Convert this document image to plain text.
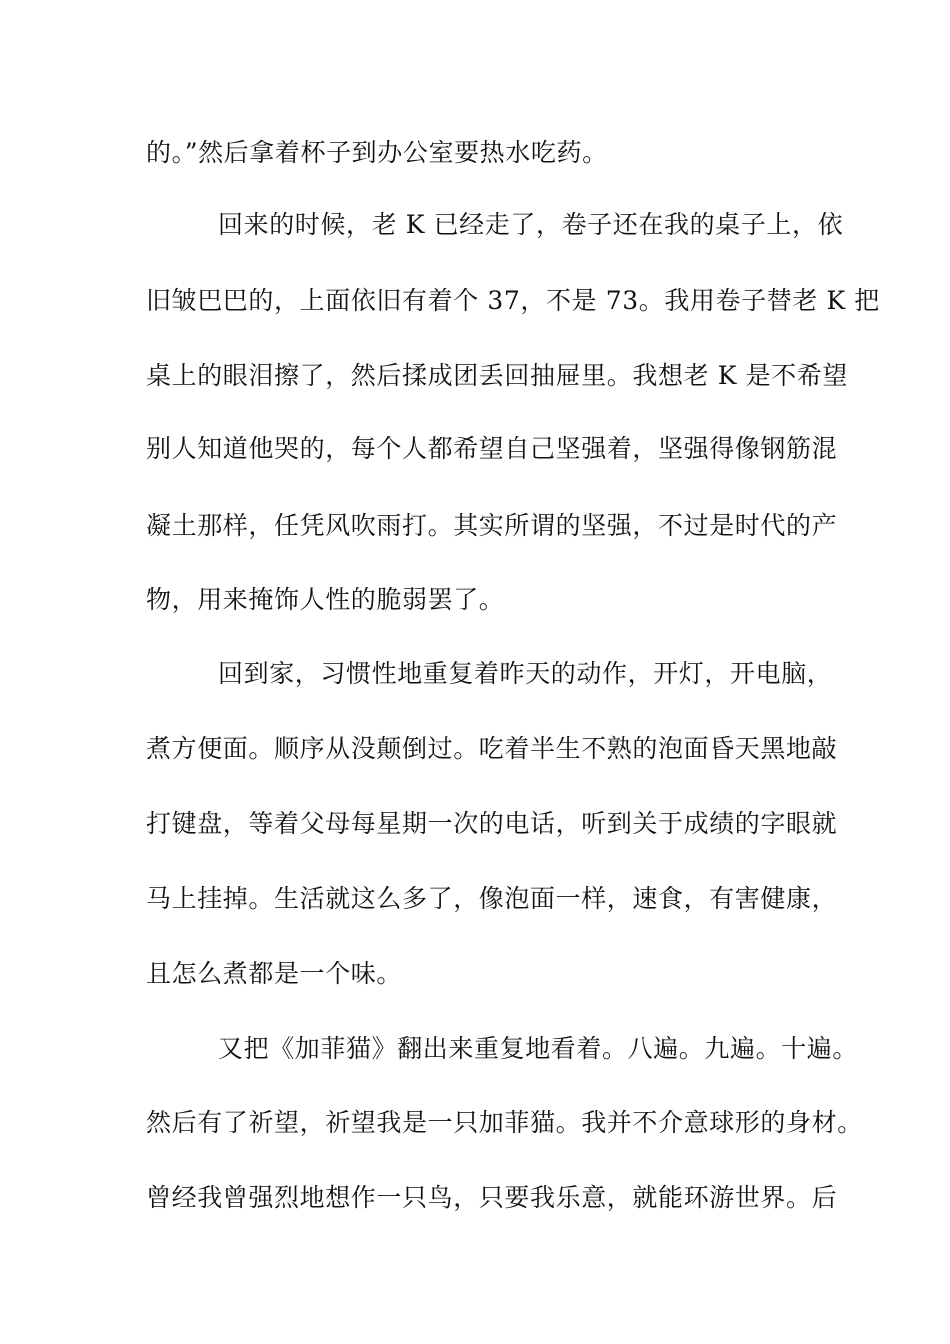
的。”然后拿着杯子到办公室要热水吃药。
回来的时候，老 K 已经走了，卷子还在我的桌子上，依
旧皱巴巴的，上面依旧有着个 37，不是 73。我用卷子替老 K 把
桌上的眼泪擦了，然后揉成团丢回抽屉里。我想老 K 是不希望
别人知道他哭的，每个人都希望自己坚强着，坚强得像钢筋混
凝土那样，任凭风吹雨打。其实所谓的坚强，不过是时代的产
物，用来掩饰人性的脆弱罢了。
回到家，习惯性地重复着昨天的动作，开灯，开电脑，
煮方便面。顺序从没颠倒过。吃着半生不熟的泡面昏天黑地敲
打键盘，等着父母每星期一次的电话，听到关于成绩的字眼就
马上挂掉。生活就这么多了，像泡面一样，速食，有害健康，
且怎么煮都是一个味。
又把《加菲猫》翻出来重复地看着。八遍。九遍。十遍。
然后有了祈望，祈望我是一只加菲猫。我并不介意球形的身材。
曾经我曾强烈地想作一只鸟，只要我乐意，就能环游世界。后
